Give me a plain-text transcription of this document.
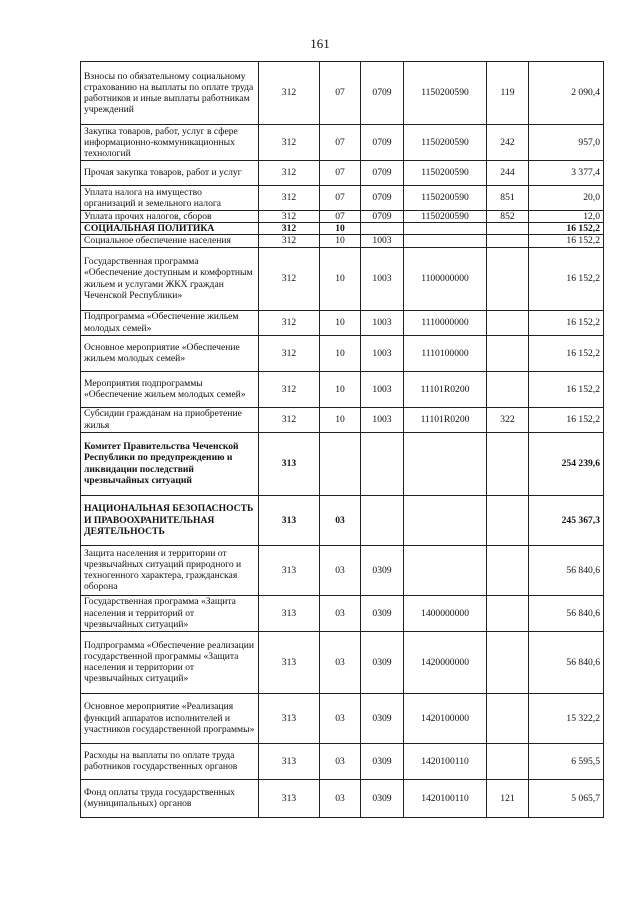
161
Взносы по обязательному социальному страхованию на выплаты по оплате труда работников и иные выплаты работникам учреждений	312	07	0709	1150200590	119	2 090,4
Закупка товаров, работ, услуг в сфере информационно-коммуникационных технологий	312	07	0709	1150200590	242	957,0
Прочая закупка товаров, работ и услуг	312	07	0709	1150200590	244	3 377,4
Уплата налога на имущество организаций и земельного налога	312	07	0709	1150200590	851	20,0
Уплата прочих налогов, сборов	312	07	0709	1150200590	852	12,0
СОЦИАЛЬНАЯ ПОЛИТИКА	312	10				16 152,2
Социальное обеспечение населения	312	10	1003			16 152,2
Государственная программа «Обеспечение доступным и комфортным жильем и услугами ЖКХ граждан Чеченской Республики»	312	10	1003	1100000000		16 152,2
Подпрограмма «Обеспечение жильем молодых семей»	312	10	1003	1110000000		16 152,2
Основное мероприятие «Обеспечение жильем молодых семей»	312	10	1003	1110100000		16 152,2
Мероприятия подпрограммы «Обеспечение жильем молодых семей»	312	10	1003	11101R0200		16 152,2
Субсидии гражданам на приобретение жилья	312	10	1003	11101R0200	322	16 152,2
Комитет Правительства Чеченской Республики по предупреждению и ликвидации последствий чрезвычайных ситуаций	313					254 239,6
НАЦИОНАЛЬНАЯ БЕЗОПАСНОСТЬ И ПРАВООХРАНИТЕЛЬНАЯ ДЕЯТЕЛЬНОСТЬ	313	03				245 367,3
Защита населения и территории от чрезвычайных ситуаций природного и техногенного характера, гражданская оборона	313	03	0309			56 840,6
Государственная программа «Защита населения и территорий от чрезвычайных ситуаций»	313	03	0309	1400000000		56 840,6
Подпрограмма «Обеспечение реализации государственной программы «Защита населения и территории от чрезвычайных ситуаций»	313	03	0309	1420000000		56 840,6
Основное мероприятие «Реализация функций аппаратов исполнителей и участников государственной программы»	313	03	0309	1420100000		15 322,2
Расходы на выплаты по оплате труда работников государственных органов	313	03	0309	1420100110		6 595,5
Фонд оплаты труда государственных (муниципальных) органов	313	03	0309	1420100110	121	5 065,7
